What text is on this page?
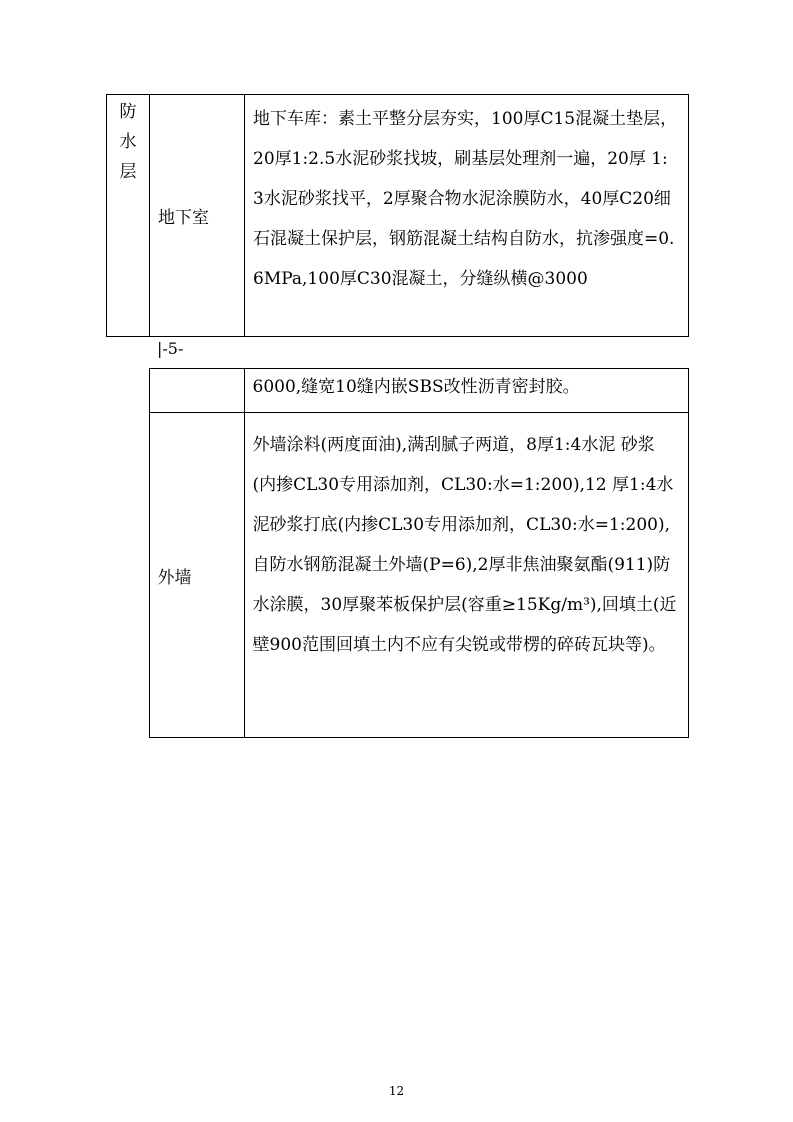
防水层	地下室	地下车库：素土平整分层夯实，100厚C15混凝土垫层， 20厚1:2.5水泥砂浆找坡，刷基层处理剂一遍，20厚 1:3水泥砂浆找平，2厚聚合物水泥涂膜防水，40厚C20细石混凝土保护层，钢筋混凝土结构自防水，抗渗强度=0.6MPa,100厚C30混凝土，分缝纵横@3000
|-5-
		6000,缝宽10缝内嵌SBS改性沥青密封胶。
	外墙	外墙涂料(两度面油),满刮腻子两道，8厚1:4水泥 砂浆(内掺CL30专用添加剂，CL30:水=1:200),12 厚1:4水泥砂浆打底(内掺CL30专用添加剂，CL30:水=1:200),自防水钢筋混凝土外墙(P=6),2厚非焦油聚氨酯(911)防水涂膜，30厚聚苯板保护层(容重≥15Kg/m³),回填土(近壁900范围回填土内不应有尖锐或带楞的碎砖瓦块等)。
12
